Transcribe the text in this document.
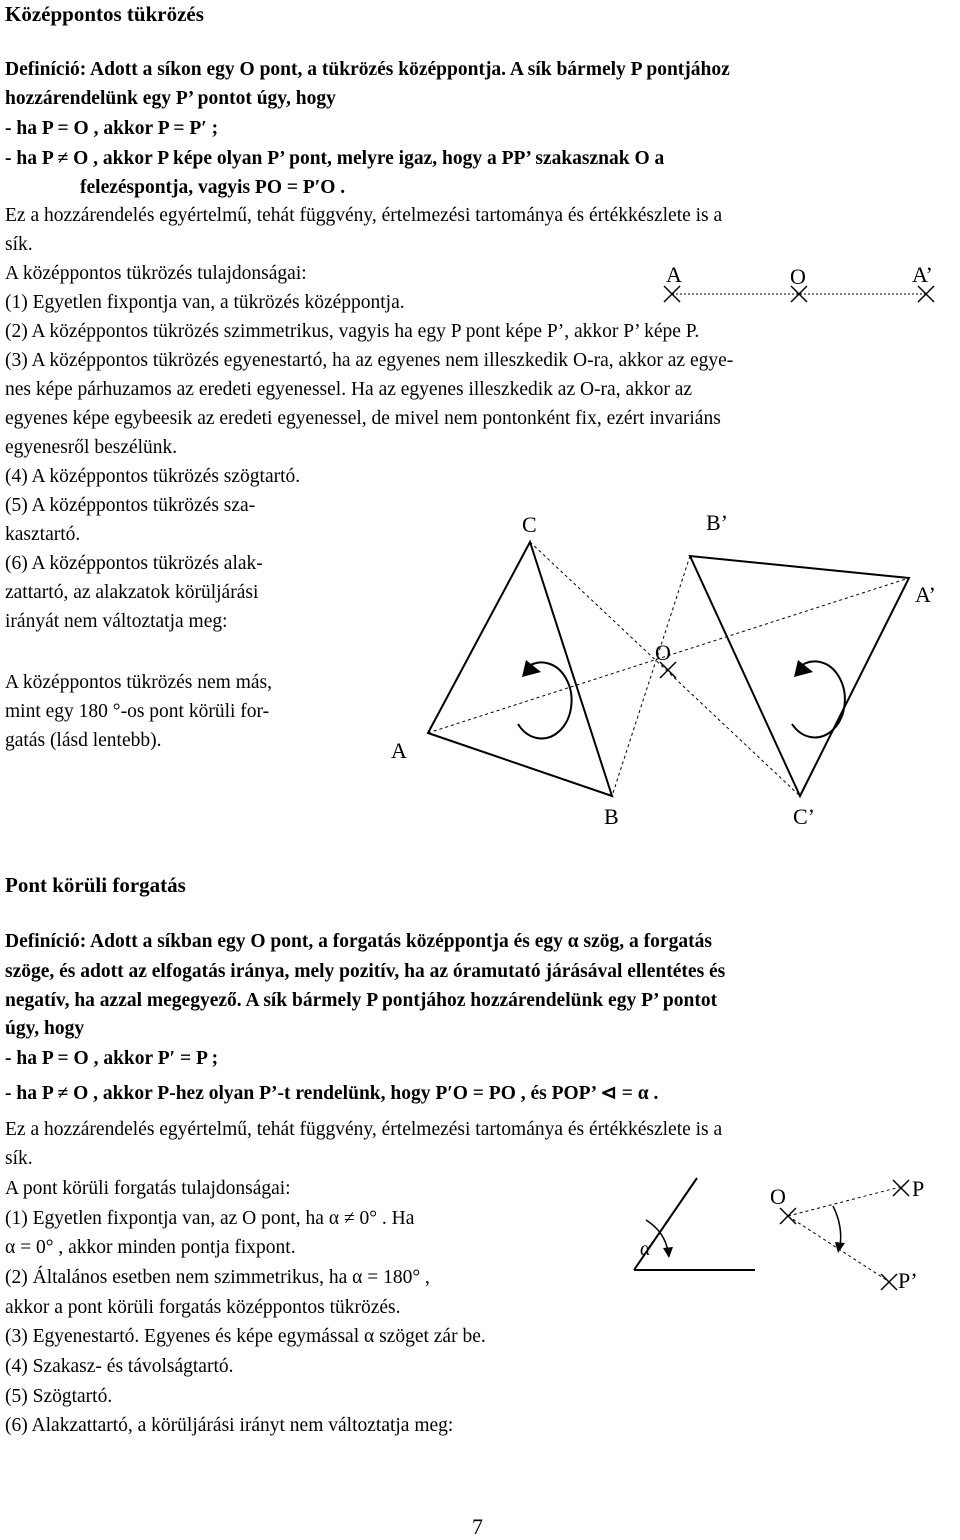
Középpontos tükrözés
Definíció: Adott a síkon egy O pont, a tükrözés középpontja. A sík bármely P pontjához
hozzárendelünk egy P’ pontot úgy, hogy
- ha P = O , akkor P = P′ ;
- ha P ≠ O , akkor P képe olyan P’ pont, melyre igaz, hogy a PP’ szakasznak O a
felezéspontja, vagyis PO = P′O .
Ez a hozzárendelés egyértelmű, tehát függvény, értelmezési tartománya és értékkészlete is a
sík.
A középpontos tükrözés tulajdonságai:
(1) Egyetlen fixpontja van, a tükrözés középpontja.
(2) A középpontos tükrözés szimmetrikus, vagyis ha egy P pont képe P’, akkor P’ képe P.
(3) A középpontos tükrözés egyenestartó, ha az egyenes nem illeszkedik O-ra, akkor az egye-
nes képe párhuzamos az eredeti egyenessel. Ha az egyenes illeszkedik az O-ra, akkor az
egyenes képe egybeesik az eredeti egyenessel, de mivel nem pontonként fix, ezért invariáns
egyenesről beszélünk.
(4) A középpontos tükrözés szögtartó.
(5) A középpontos tükrözés sza-
kasztartó.
(6) A középpontos tükrözés alak-
zattartó, az alakzatok körüljárási
irányát nem változtatja meg:
A középpontos tükrözés nem más,
mint egy 180 °-os pont körüli for-
gatás (lásd lentebb).
A	O	A’
C	B’
A’
O
A
B	C’
Pont körüli forgatás
Definíció: Adott a síkban egy O pont, a forgatás középpontja és egy α szög, a forgatás
szöge, és adott az elfogatás iránya, mely pozitív, ha az óramutató járásával ellentétes és
negatív, ha azzal megegyező. A sík bármely P pontjához hozzárendelünk egy P’ pontot
úgy, hogy
- ha P = O , akkor P′ = P ;
- ha P ≠ O , akkor P-hez olyan P’-t rendelünk, hogy P′O = PO , és POP’ ⊲ = α .
Ez a hozzárendelés egyértelmű, tehát függvény, értelmezési tartománya és értékkészlete is a
sík.
A pont körüli forgatás tulajdonságai:
(1) Egyetlen fixpontja van, az O pont, ha α ≠ 0° . Ha
α = 0° , akkor minden pontja fixpont.
(2) Általános esetben nem szimmetrikus, ha α = 180° ,
akkor a pont körüli forgatás középpontos tükrözés.
(3) Egyenestartó. Egyenes és képe egymással α szöget zár be.
(4) Szakasz- és távolságtartó.
(5) Szögtartó.
(6) Alakzattartó, a körüljárási irányt nem változtatja meg:
α
O	P
P’
7
